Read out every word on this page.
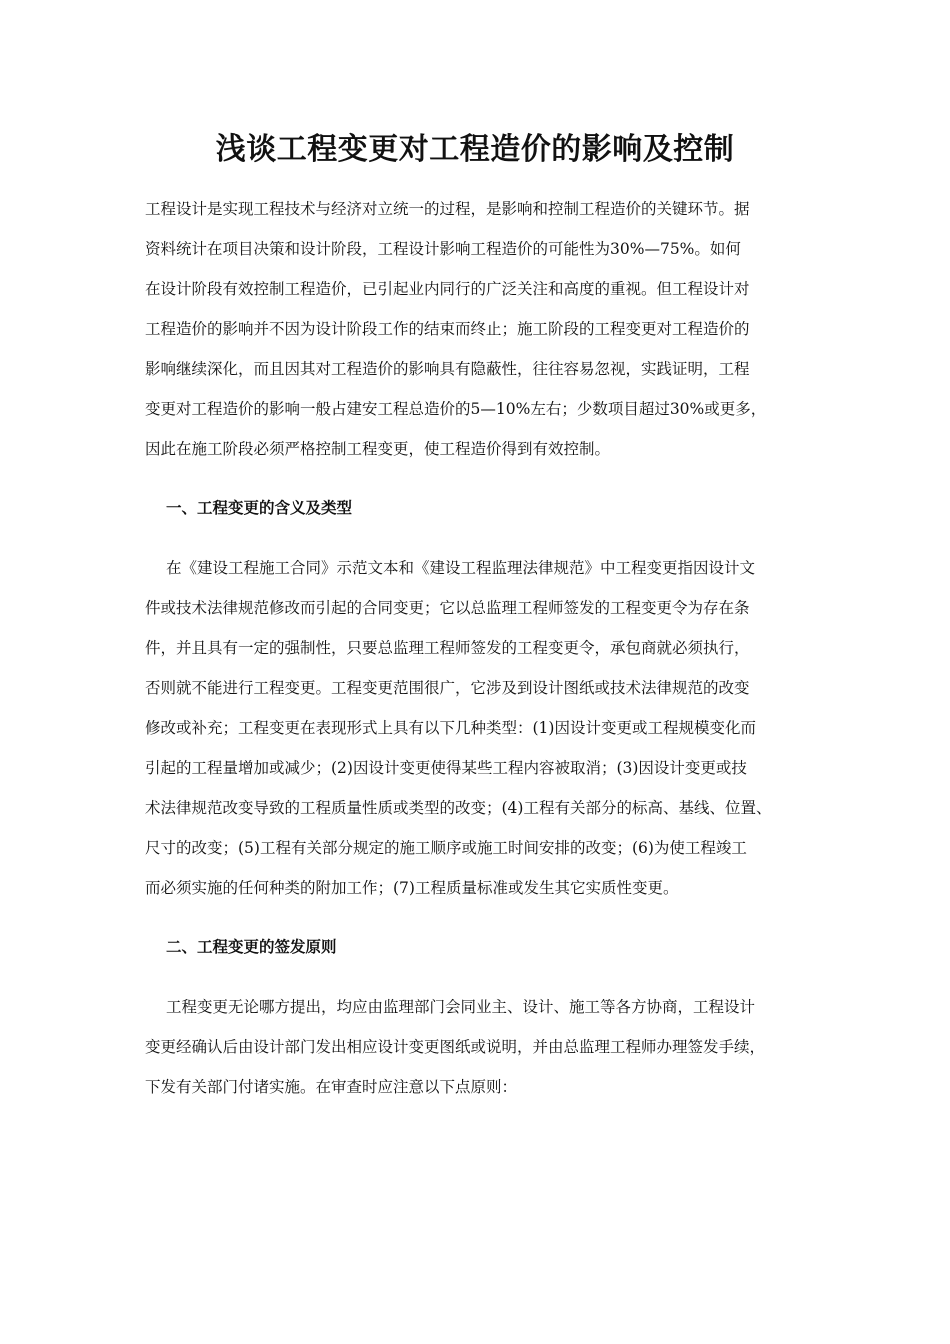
浅谈工程变更对工程造价的影响及控制
工程设计是实现工程技术与经济对立统一的过程，是影响和控制工程造价的关键环节。据
资料统计在项目决策和设计阶段，工程设计影响工程造价的可能性为30%—75%。如何
在设计阶段有效控制工程造价，已引起业内同行的广泛关注和高度的重视。但工程设计对
工程造价的影响并不因为设计阶段工作的结束而终止；施工阶段的工程变更对工程造价的
影响继续深化，而且因其对工程造价的影响具有隐蔽性，往往容易忽视，实践证明，工程
变更对工程造价的影响一般占建安工程总造价的5—10%左右；少数项目超过30%或更多，
因此在施工阶段必须严格控制工程变更，使工程造价得到有效控制。
一、工程变更的含义及类型
在《建设工程施工合同》示范文本和《建设工程监理法律规范》中工程变更指因设计文
件或技术法律规范修改而引起的合同变更；它以总监理工程师签发的工程变更令为存在条
件，并且具有一定的强制性，只要总监理工程师签发的工程变更令，承包商就必须执行，
否则就不能进行工程变更。工程变更范围很广，它涉及到设计图纸或技术法律规范的改变
修改或补充；工程变更在表现形式上具有以下几种类型：(1)因设计变更或工程规模变化而
引起的工程量增加或减少；(2)因设计变更使得某些工程内容被取消；(3)因设计变更或技
术法律规范改变导致的工程质量性质或类型的改变；(4)工程有关部分的标高、基线、位置、
尺寸的改变；(5)工程有关部分规定的施工顺序或施工时间安排的改变；(6)为使工程竣工
而必须实施的任何种类的附加工作；(7)工程质量标准或发生其它实质性变更。
二、工程变更的签发原则
工程变更无论哪方提出，均应由监理部门会同业主、设计、施工等各方协商，工程设计
变更经确认后由设计部门发出相应设计变更图纸或说明，并由总监理工程师办理签发手续，
下发有关部门付诸实施。在审查时应注意以下点原则：
